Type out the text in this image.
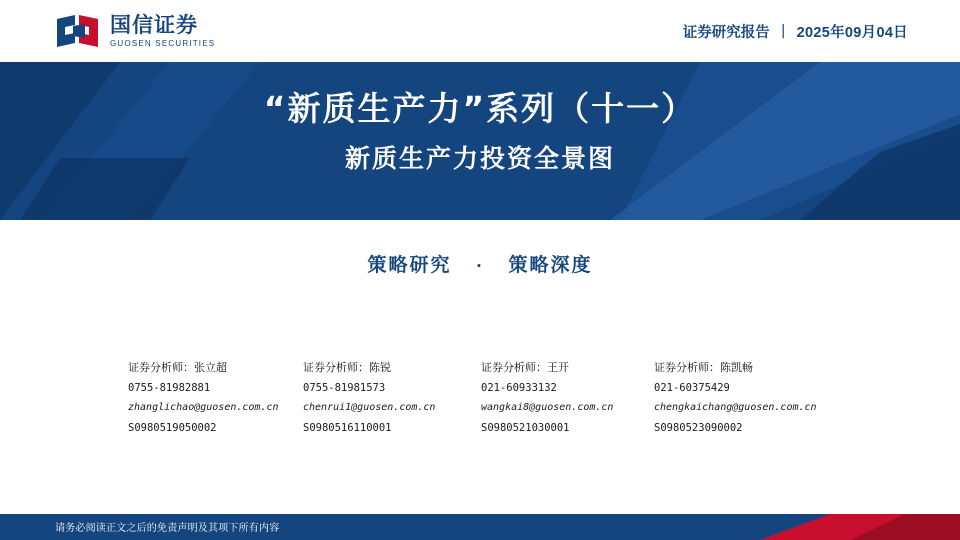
国信证券
GUOSEN SECURITIES
证券研究报告 | 2025年09月04日
“新质生产力”系列（十一）
新质生产力投资全景图
策略研究 · 策略深度
证券分析师：张立超
0755-81982881
zhanglichao@guosen.com.cn
S0980519050002
证券分析师：陈锐
0755-81981573
chenrui1@guosen.com.cn
S0980516110001
证券分析师：王开
021-60933132
wangkai8@guosen.com.cn
S0980521030001
证券分析师：陈凯畅
021-60375429
chengkaichang@guosen.com.cn
S0980523090002
请务必阅读正文之后的免责声明及其项下所有内容
